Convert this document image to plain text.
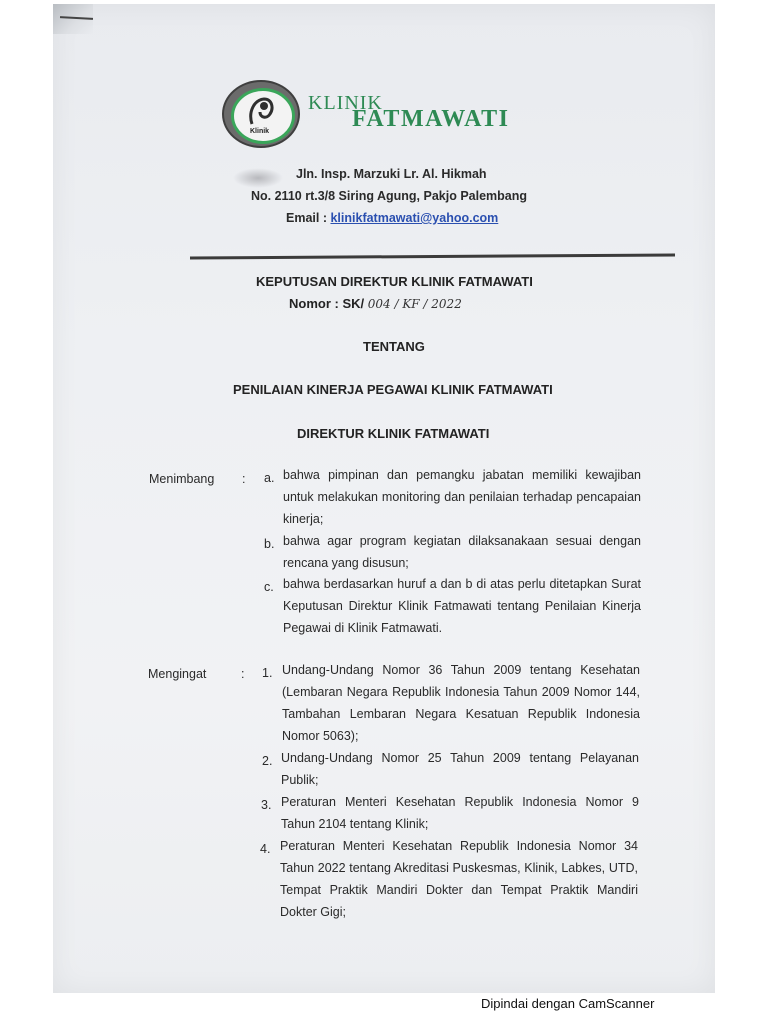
Klinik
KLINIK
FATMAWATI
Jln. Insp. Marzuki Lr. Al. Hikmah
No. 2110 rt.3/8 Siring Agung, Pakjo Palembang
Email : klinikfatmawati@yahoo.com
KEPUTUSAN DIREKTUR KLINIK FATMAWATI
Nomor : SK/ 004 / KF / 2022
TENTANG
PENILAIAN KINERJA PEGAWAI KLINIK FATMAWATI
DIREKTUR KLINIK FATMAWATI
Menimbang : a. bahwa pimpinan dan pemangku jabatan memiliki kewajiban untuk melakukan monitoring dan penilaian terhadap pencapaian kinerja;

b. bahwa agar program kegiatan dilaksanakaan sesuai dengan rencana yang disusun;

c. bahwa berdasarkan huruf a dan b di atas perlu ditetapkan Surat Keputusan Direktur Klinik Fatmawati tentang Penilaian Kinerja Pegawai di Klinik Fatmawati.

Mengingat	: 1. Undang-Undang Nomor 36 Tahun 2009 tentang Kesehatan (Lembaran Negara Republik Indonesia Tahun 2009 Nomor 144, Tambahan Lembaran Negara Kesatuan Republik Indonesia Nomor 5063);

2. Undang-Undang Nomor 25 Tahun 2009 tentang Pelayanan Publik;

3. Peraturan Menteri Kesehatan Republik Indonesia Nomor 9 Tahun 2104 tentang Klinik;

4. Peraturan Menteri Kesehatan Republik Indonesia Nomor 34 Tahun 2022 tentang Akreditasi Puskesmas, Klinik, Labkes, UTD, Tempat Praktik Mandiri Dokter dan Tempat Praktik Mandiri Dokter Gigi;

Dipindai dengan CamScanner
